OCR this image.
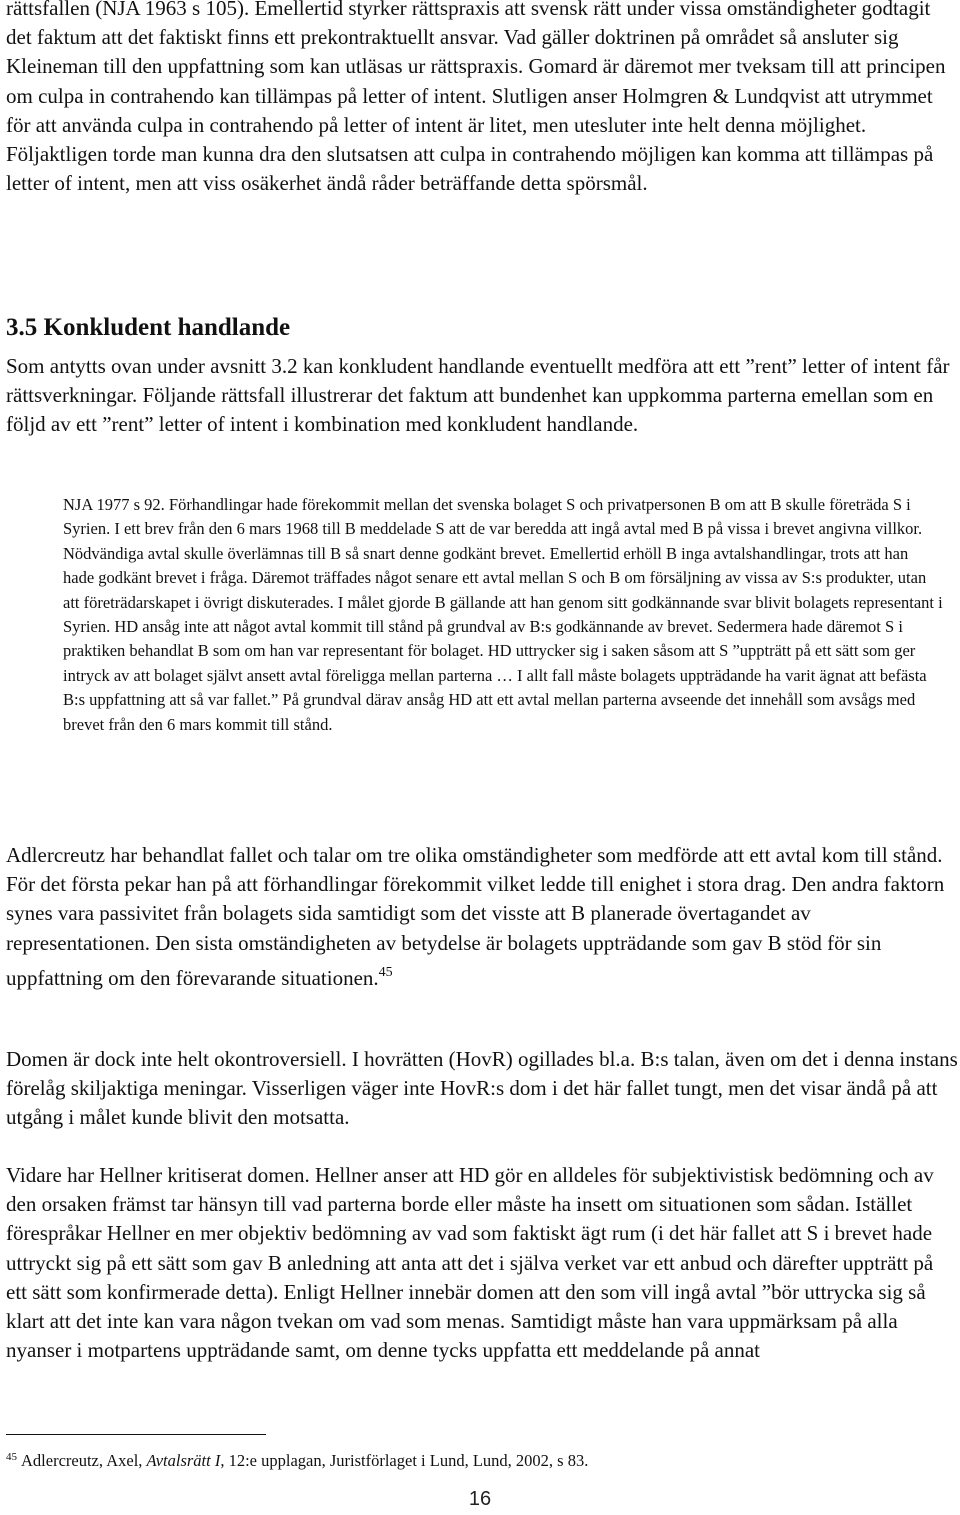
rättsfallen (NJA 1963 s 105). Emellertid styrker rättspraxis att svensk rätt under vissa omständigheter godtagit det faktum att det faktiskt finns ett prekontraktuellt ansvar. Vad gäller doktrinen på området så ansluter sig Kleineman till den uppfattning som kan utläsas ur rättspraxis. Gomard är däremot mer tveksam till att principen om culpa in contrahendo kan tillämpas på letter of intent. Slutligen anser Holmgren & Lundqvist att utrymmet för att använda culpa in contrahendo på letter of intent är litet, men utesluter inte helt denna möjlighet. Följaktligen torde man kunna dra den slutsatsen att culpa in contrahendo möjligen kan komma att tillämpas på letter of intent, men att viss osäkerhet ändå råder beträffande detta spörsmål.

3.5 Konkludent handlande

Som antytts ovan under avsnitt 3.2 kan konkludent handlande eventuellt medföra att ett ”rent” letter of intent får rättsverkningar. Följande rättsfall illustrerar det faktum att bundenhet kan uppkomma parterna emellan som en följd av ett ”rent” letter of intent i kombination med konkludent handlande.

NJA 1977 s 92. Förhandlingar hade förekommit mellan det svenska bolaget S och privatpersonen B om att B skulle företräda S i Syrien. I ett brev från den 6 mars 1968 till B meddelade S att de var beredda att ingå avtal med B på vissa i brevet angivna villkor. Nödvändiga avtal skulle överlämnas till B så snart denne godkänt brevet. Emellertid erhöll B inga avtalshandlingar, trots att han hade godkänt brevet i fråga. Däremot träffades något senare ett avtal mellan S och B om försäljning av vissa av S:s produkter, utan att företrädarskapet i övrigt diskuterades. I målet gjorde B gällande att han genom sitt godkännande svar blivit bolagets representant i Syrien. HD ansåg inte att något avtal kommit till stånd på grundval av B:s godkännande av brevet. Sedermera hade däremot S i praktiken behandlat B som om han var representant för bolaget. HD uttrycker sig i saken såsom att S ”uppträtt på ett sätt som ger intryck av att bolaget självt ansett avtal föreligga mellan parterna … I allt fall måste bolagets uppträdande ha varit ägnat att befästa B:s uppfattning att så var fallet.” På grundval därav ansåg HD att ett avtal mellan parterna avseende det innehåll som avsågs med brevet från den 6 mars kommit till stånd.

Adlercreutz har behandlat fallet och talar om tre olika omständigheter som medförde att ett avtal kom till stånd. För det första pekar han på att förhandlingar förekommit vilket ledde till enighet i stora drag. Den andra faktorn synes vara passivitet från bolagets sida samtidigt som det visste att B planerade övertagandet av representationen. Den sista omständigheten av betydelse är bolagets uppträdande som gav B stöd för sin uppfattning om den förevarande situationen.$^{45}$

Domen är dock inte helt okontroversiell. I hovrätten (HovR) ogillades bl.a. B:s talan, även om det i denna instans förelåg skiljaktiga meningar. Visserligen väger inte HovR:s dom i det här fallet tungt, men det visar ändå på att utgång i målet kunde blivit den motsatta.

Vidare har Hellner kritiserat domen. Hellner anser att HD gör en alldeles för subjektivistisk bedömning och av den orsaken främst tar hänsyn till vad parterna borde eller måste ha insett om situationen som sådan. Istället förespråkar Hellner en mer objektiv bedömning av vad som faktiskt ägt rum (i det här fallet att S i brevet hade uttryckt sig på ett sätt som gav B anledning att anta att det i själva verket var ett anbud och därefter uppträtt på ett sätt som konfirmerade detta). Enligt Hellner innebär domen att den som vill ingå avtal ”bör uttrycka sig så klart att det inte kan vara någon tvekan om vad som menas. Samtidigt måste han vara uppmärksam på alla nyanser i motpartens uppträdande samt, om denne tycks uppfatta ett meddelande på annat

$^{45}$ Adlercreutz, Axel, Avtalsrätt I, 12:e upplagan, Juristförlaget i Lund, Lund, 2002, s 83.

16
